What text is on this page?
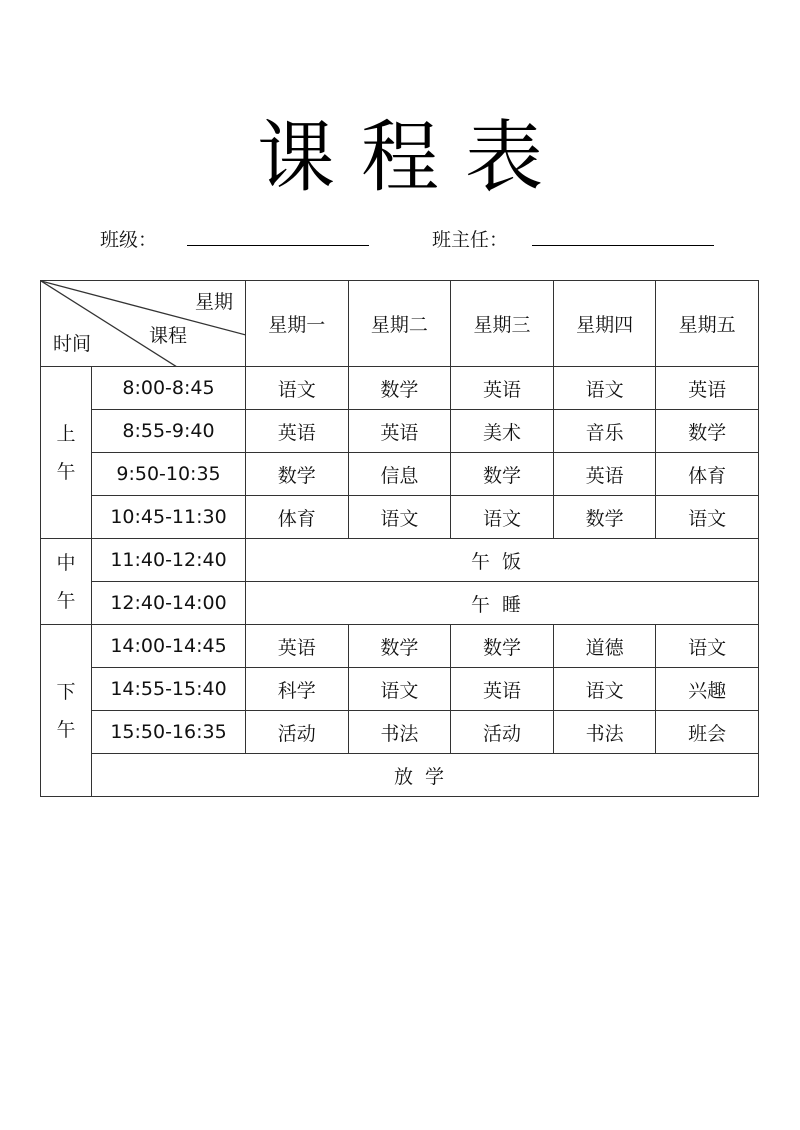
课程表
班级：	班主任：
星期
课程
时间		星期一	星期二	星期三	星期四	星期五

上
午	8:00-8:45	语文	数学	英语	语文	英语
	8:55-9:40	英语	英语	美术	音乐	数学
	9:50-10:35	数学	信息	数学	英语	体育
	10:45-11:30	体育	语文	语文	数学	语文

中
午	11:40-12:40	午饭				
	12:40-14:00	午睡				

下
午	14:00-14:45	英语	数学	数学	道德	语文
	14:55-15:40	科学	语文	英语	语文	兴趣
	15:50-16:35	活动	书法	活动	书法	班会
	放学					
